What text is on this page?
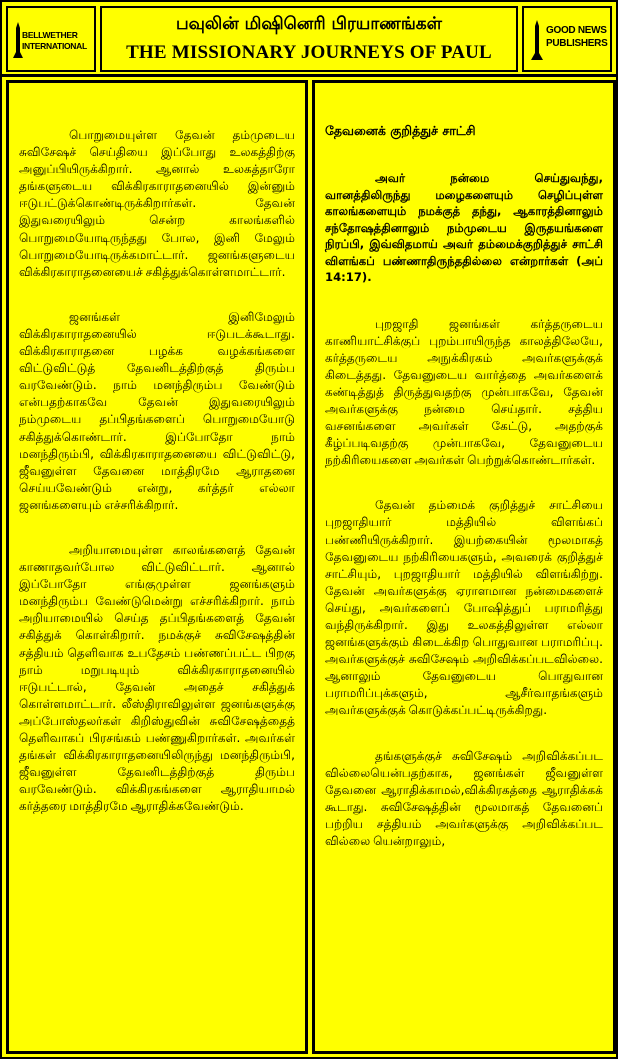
BELLWETHER
INTERNATIONAL
பவுலின் மிஷினெரி பிரயாணங்கள்
THE MISSIONARY JOURNEYS OF PAUL
GOOD NEWS
PUBLISHERS

பொறுமையுள்ள தேவன் தம்முடைய சுவிசேஷச் செய்தியை இப்போது உலகத்திற்கு அனுப்பியிருக்கிறார். ஆனால் உலகத்தாரோ தங்களுடைய விக்கிரகாராதனையில் இன்னும் ஈடுபட்டுக்கொண்டிருக்கிறார்கள். தேவன் இதுவரையிலும் சென்ற காலங்களில் பொறுமையோடிருந்தது போல, இனி மேலும் பொறுமையோடிருக்கமாட்டார். ஜனங்களுடைய விக்கிரகாராதனையைச் சகித்துக்கொள்ளமாட்டார்.

ஜனங்கள் இனிமேலும் விக்கிரகாராதனையில் ஈடுபடக்கூடாது. விக்கிரகாராதனை பழக்க வழக்கங்களை விட்டுவிட்டுத் தேவனிடத்திற்குத் திரும்ப வரவேண்டும். நாம் மனந்திரும்ப வேண்டும் என்பதற்காகவே தேவன் இதுவரையிலும் நம்முடைய தப்பிதங்களைப் பொறுமையோடு சகித்துக்கொண்டார். இப்போதோ நாம் மனந்திரும்பி, விக்கிரகாராதனையை விட்டுவிட்டு, ஜீவனுள்ள தேவனை மாத்திரமே ஆராதனை செய்யவேண்டும் என்று, கர்த்தர் எல்லா ஜனங்களையும் எச்சரிக்கிறார்.

அறியாமையுள்ள காலங்களைத் தேவன் காணாதவர்போல விட்டுவிட்டார். ஆனால் இப்போதோ எங்குமுள்ள ஜனங்களும் மனந்திரும்ப வேண்டுமென்று எச்சரிக்கிறார். நாம் அறியாமையில் செய்த தப்பிதங்களைத் தேவன் சகித்துக் கொள்கிறார். நமக்குச் சுவிசேஷத்தின் சத்தியம் தெளிவாக உபதேசம் பண்ணப்பட்ட பிறகு நாம் மறுபடியும் விக்கிரகாராதனையில் ஈடுபட்டால், தேவன் அதைச் சகித்துக் கொள்ளமாட்டார். லீஸ்திராவிலுள்ள ஜனங்களுக்கு அப்போஸ்தலர்கள் கிறிஸ்துவின் சுவிசேஷத்தைத் தெளிவாகப் பிரசங்கம் பண்ணுகிறார்கள். அவர்கள் தங்கள் விக்கிரகாராதனையிலிருந்து மனந்திரும்பி, ஜீவனுள்ள தேவனிடத்திற்குத் திரும்ப வரவேண்டும். விக்கிரகங்களை ஆராதியாமல் கர்த்தரை மாத்திரமே ஆராதிக்கவேண்டும்.

தேவனைக் குறித்துச் சாட்சி

அவர் நன்மை செய்துவந்து, வானத்திலிருந்து மழைகளையும் செழிப்புள்ள காலங்களையும் நமக்குத் தந்து, ஆகாரத்தினாலும் சந்தோஷத்தினாலும் நம்முடைய இருதயங்களை நிரப்பி, இவ்விதமாய் அவர் தம்மைக்குறித்துச் சாட்சி விளங்கப் பண்ணாதிருந்ததில்லை என்றார்கள் (அப் 14:17).

புறஜாதி ஜனங்கள் கர்த்தருடைய காணியாட்சிக்குப் புறம்பாயிருந்த காலத்திலேயே, கர்த்தருடைய அநுக்கிரகம் அவர்களுக்குக் கிடைத்தது. தேவனுடைய வார்த்தை அவர்களைக் கண்டித்துத் திருத்துவதற்கு முன்பாகவே, தேவன் அவர்களுக்கு நன்மை செய்தார். சத்திய வசனங்களை அவர்கள் கேட்டு, அதற்குக் கீழ்ப்படிவதற்கு முன்பாகவே, தேவனுடைய நற்கிரியைகளை அவர்கள் பெற்றுக்கொண்டார்கள்.

தேவன் தம்மைக் குறித்துச் சாட்சியை புறஜாதியார் மத்தியில் விளங்கப் பண்ணியிருக்கிறார். இயற்கையின் மூலமாகத் தேவனுடைய நற்கிரியைகளும், அவரைக் குறித்துச் சாட்சியும், புறஜாதியார் மத்தியில் விளங்கிற்று. தேவன் அவர்களுக்கு ஏராளமான நன்மைகளைச் செய்து, அவர்களைப் போஷித்துப் பராமரித்து வந்திருக்கிறார். இது உலகத்திலுள்ள எல்லா ஜனங்களுக்கும் கிடைக்கிற பொதுவான பராமரிப்பு. அவர்களுக்குச் சுவிசேஷம் அறிவிக்கப்படவில்லை. ஆனாலும் தேவனுடைய பொதுவான பராமரிப்புக்களும், ஆசீர்வாதங்களும் அவர்களுக்குக் கொடுக்கப்பட்டிருக்கிறது.

தங்களுக்குச் சுவிசேஷம் அறிவிக்கப்பட வில்லையென்பதற்காக, ஜனங்கள் ஜீவனுள்ள தேவனை ஆராதிக்காமல்,விக்கிரகத்தை ஆராதிக்கக் கூடாது. சுவிசேஷத்தின் மூலமாகத் தேவனைப் பற்றிய சத்தியம் அவர்களுக்கு அறிவிக்கப்பட வில்லை யென்றாலும்,
